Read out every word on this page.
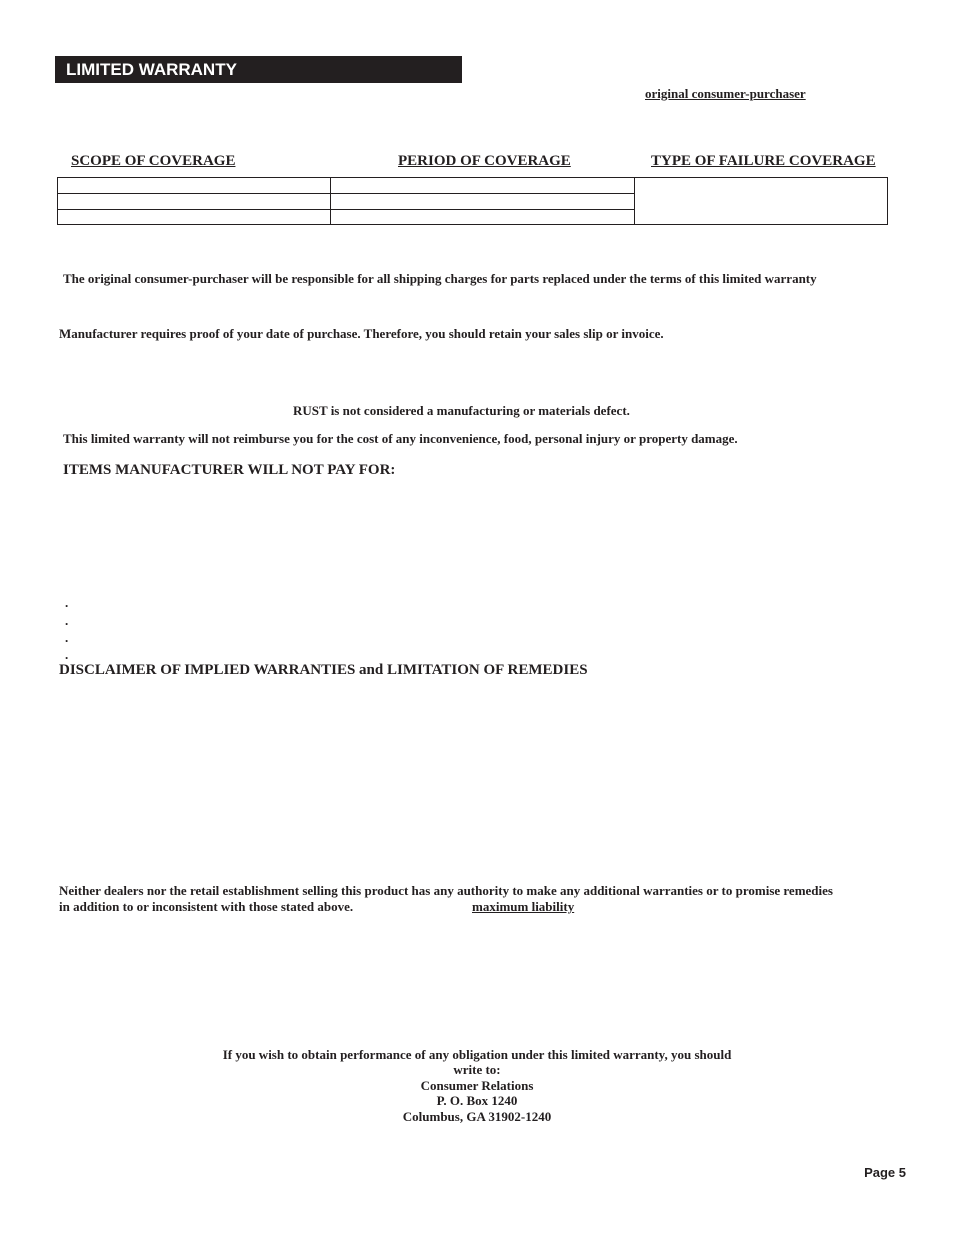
LIMITED WARRANTY
original consumer-purchaser
SCOPE OF COVERAGE	PERIOD OF COVERAGE	TYPE OF FAILURE COVERAGE
The original consumer-purchaser will be responsible for all shipping charges for parts replaced under the terms of this limited warranty
Manufacturer requires proof of your date of purchase. Therefore, you should retain your sales slip or invoice.
RUST is not considered a manufacturing or materials defect.
This limited warranty will not reimburse you for the cost of any inconvenience, food, personal injury or property damage.
ITEMS MANUFACTURER WILL NOT PAY FOR:
.
.
.
.
DISCLAIMER OF IMPLIED WARRANTIES and LIMITATION OF REMEDIES
Neither dealers nor the retail establishment selling this product has any authority to make any additional warranties or to promise remedies
in addition to or inconsistent with those stated above.	maximum liability
If you wish to obtain performance of any obligation under this limited warranty, you should
write to:
Consumer Relations
P. O. Box 1240
Columbus, GA 31902-1240
Page 5
